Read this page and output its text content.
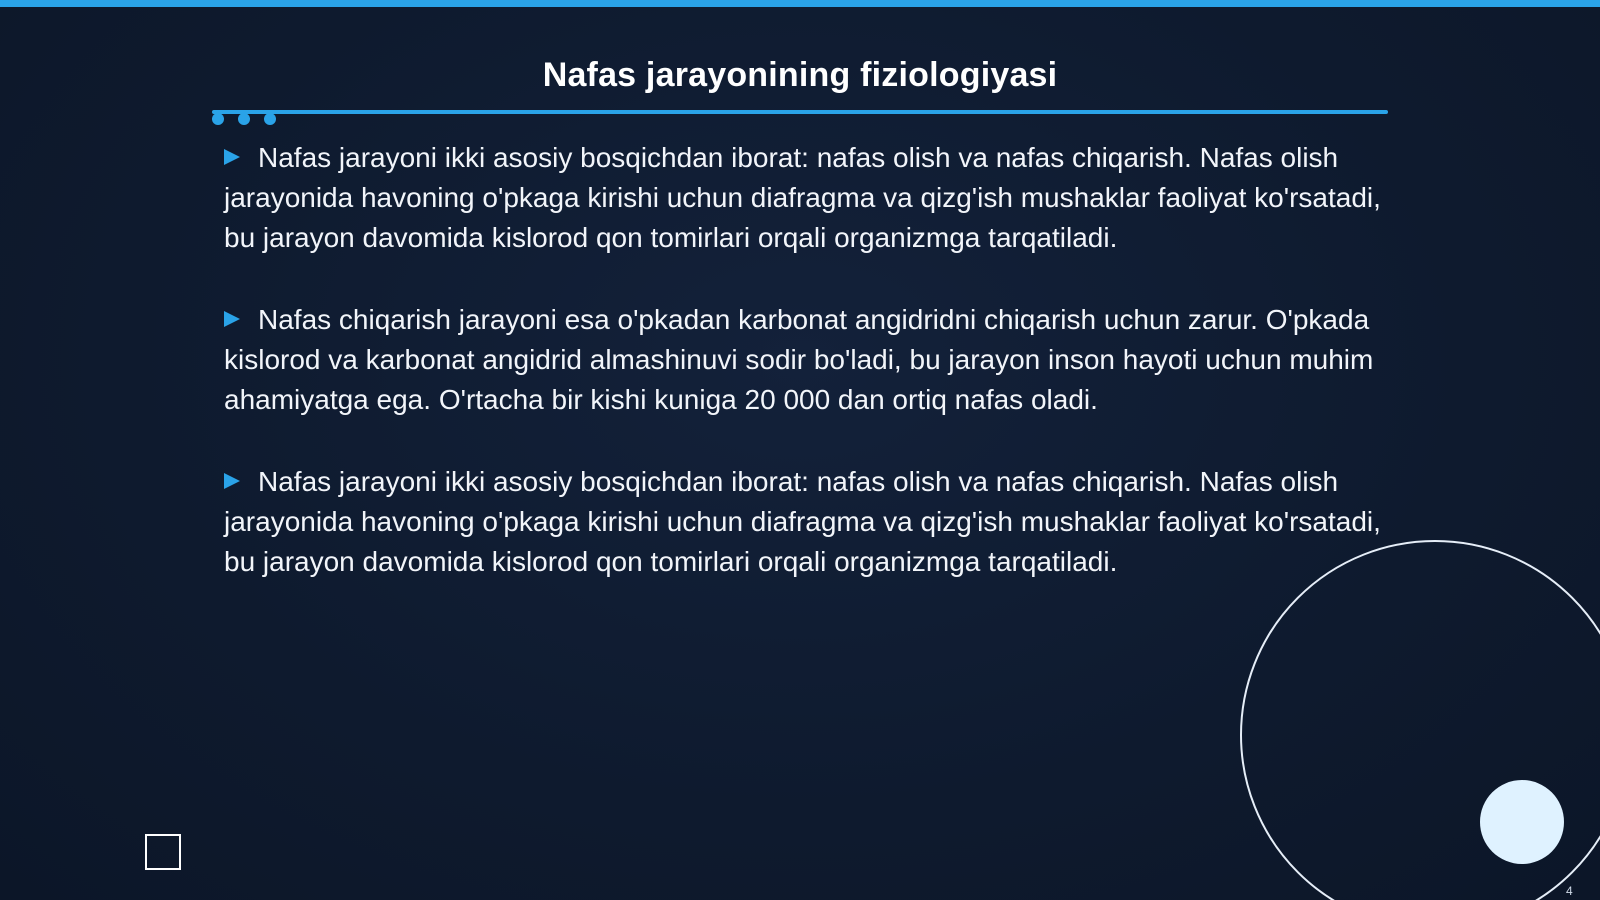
Nafas jarayonining fiziologiyasi

Nafas jarayoni ikki asosiy bosqichdan iborat: nafas olish va nafas chiqarish. Nafas olish jarayonida havoning o'pkaga kirishi uchun diafragma va qizg'ish mushaklar faoliyat ko'rsatadi, bu jarayon davomida kislorod qon tomirlari orqali organizmga tarqatiladi.

Nafas chiqarish jarayoni esa o'pkadan karbonat angidridni chiqarish uchun zarur. O'pkada kislorod va karbonat angidrid almashinuvi sodir bo'ladi, bu jarayon inson hayoti uchun muhim ahamiyatga ega. O'rtacha bir kishi kuniga 20 000 dan ortiq nafas oladi.

Nafas jarayoni ikki asosiy bosqichdan iborat: nafas olish va nafas chiqarish. Nafas olish jarayonida havoning o'pkaga kirishi uchun diafragma va qizg'ish mushaklar faoliyat ko'rsatadi, bu jarayon davomida kislorod qon tomirlari orqali organizmga tarqatiladi.

4
